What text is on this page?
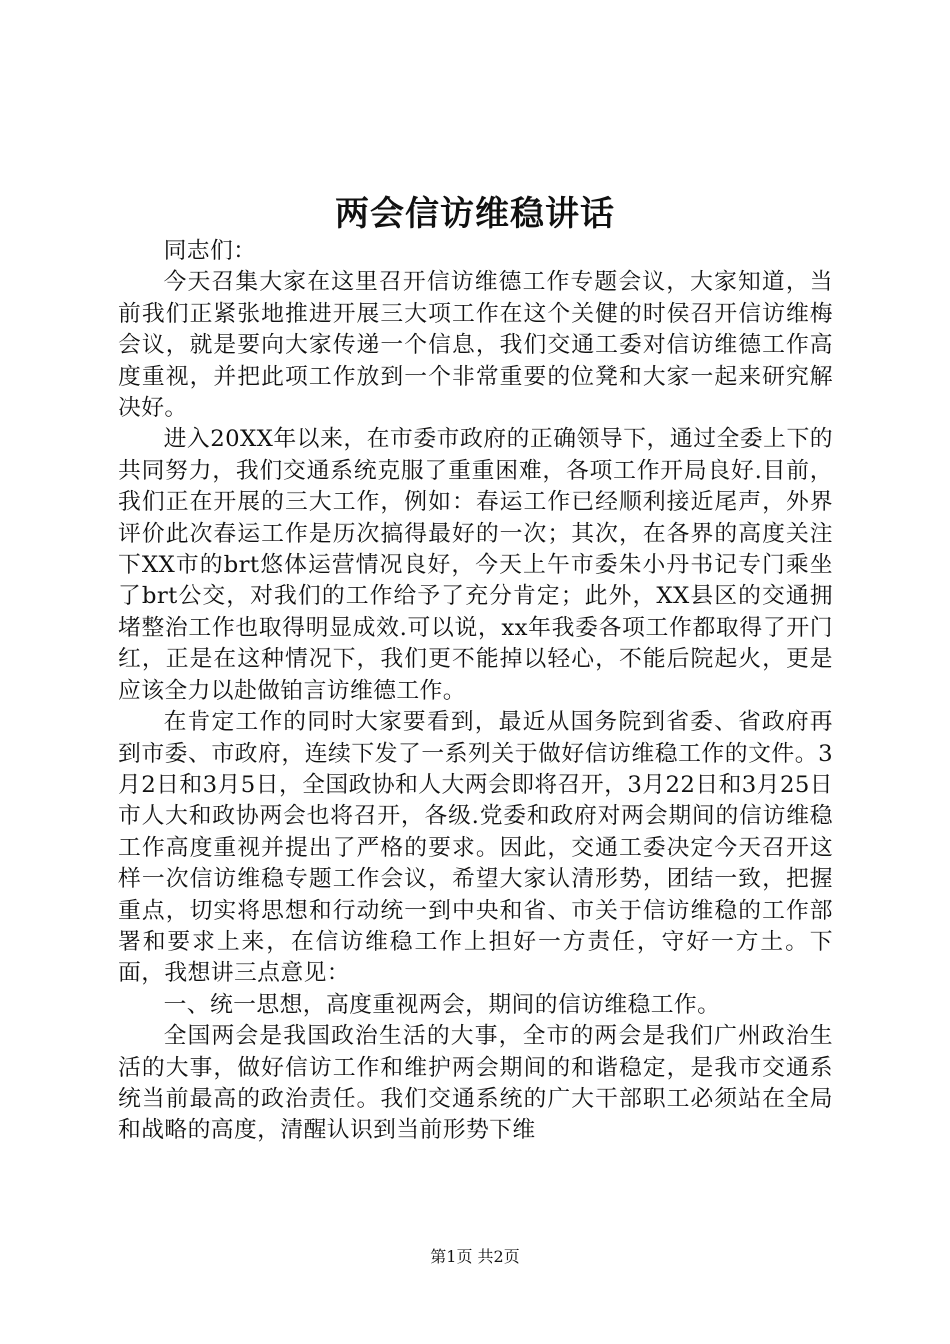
两会信访维稳讲话

同志们：

今天召集大家在这里召开信访维德工作专题会议，大家知道，当前我们正紧张地推进开展三大项工作在这个关健的时侯召开信访维梅会议，就是要向大家传递一个信息，我们交通工委对信访维德工作高度重视，并把此项工作放到一个非常重要的位凳和大家一起来研究解决好。

进入20XX年以来，在市委市政府的正确领导下，通过全委上下的共同努力，我们交通系统克服了重重困难，各项工作开局良好.目前，我们正在开展的三大工作，例如：春运工作已经顺利接近尾声，外界评价此次春运工作是历次搞得最好的一次；其次，在各界的高度关注下XX市的brt悠体运营情况良好，今天上午市委朱小丹书记专门乘坐了brt公交，对我们的工作给予了充分肯定；此外，XX县区的交通拥堵整治工作也取得明显成效.可以说，xx年我委各项工作都取得了开门红，正是在这种情况下，我们更不能掉以轻心，不能后院起火，更是应该全力以赴做铂言访维德工作。

在肯定工作的同时大家要看到，最近从国务院到省委、省政府再到市委、市政府，连续下发了一系列关于做好信访维稳工作的文件。3月2日和3月5日，全国政协和人大两会即将召开，3月22日和3月25日市人大和政协两会也将召开，各级.党委和政府对两会期间的信访维稳工作高度重视并提出了严格的要求。因此，交通工委决定今天召开这样一次信访维稳专题工作会议，希望大家认清形势，团结一致，把握重点，切实将思想和行动统一到中央和省、市关于信访维稳的工作部署和要求上来，在信访维稳工作上担好一方责任，守好一方土。下面，我想讲三点意见：

一、统一思想，高度重视两会，期间的信访维稳工作。

全国两会是我国政治生活的大事，全市的两会是我们广州政治生活的大事，做好信访工作和维护两会期间的和谐稳定，是我市交通系统当前最高的政治责任。我们交通系统的广大干部职工必须站在全局和战略的高度，清醒认识到当前形势下维

第1页 共2页
